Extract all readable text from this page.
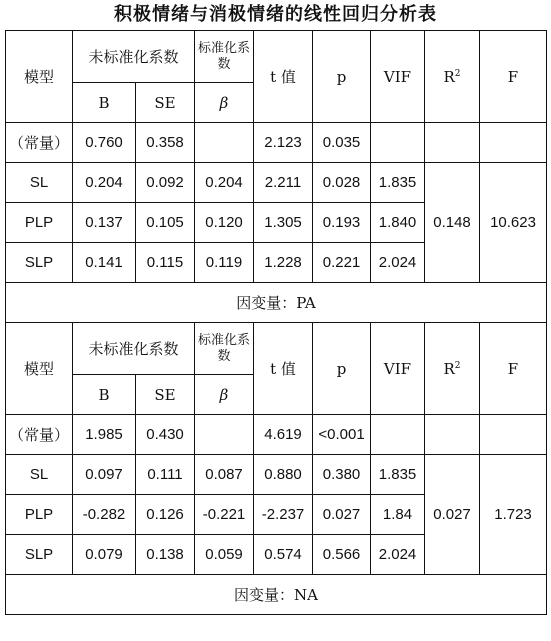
积极情绪与消极情绪的线性回归分析表
模型	未标准化系数		标准化系数	t 值	p	VIF	$R^2$	F
	B	SE	β					
（常量）	0.760	0.358		2.123	0.035			
SL	0.204	0.092	0.204	2.211	0.028	1.835	0.148	10.623
PLP	0.137	0.105	0.120	1.305	0.193	1.840		
SLP	0.141	0.115	0.119	1.228	0.221	2.024		
因变量：PA								
模型	未标准化系数		标准化系数	t 值	p	VIF	$R^2$	F
	B	SE	β					
（常量）	1.985	0.430		4.619	<0.001			
SL	0.097	0.111	0.087	0.880	0.380	1.835	0.027	1.723
PLP	-0.282	0.126	-0.221	-2.237	0.027	1.84		
SLP	0.079	0.138	0.059	0.574	0.566	2.024		
因变量：NA								
